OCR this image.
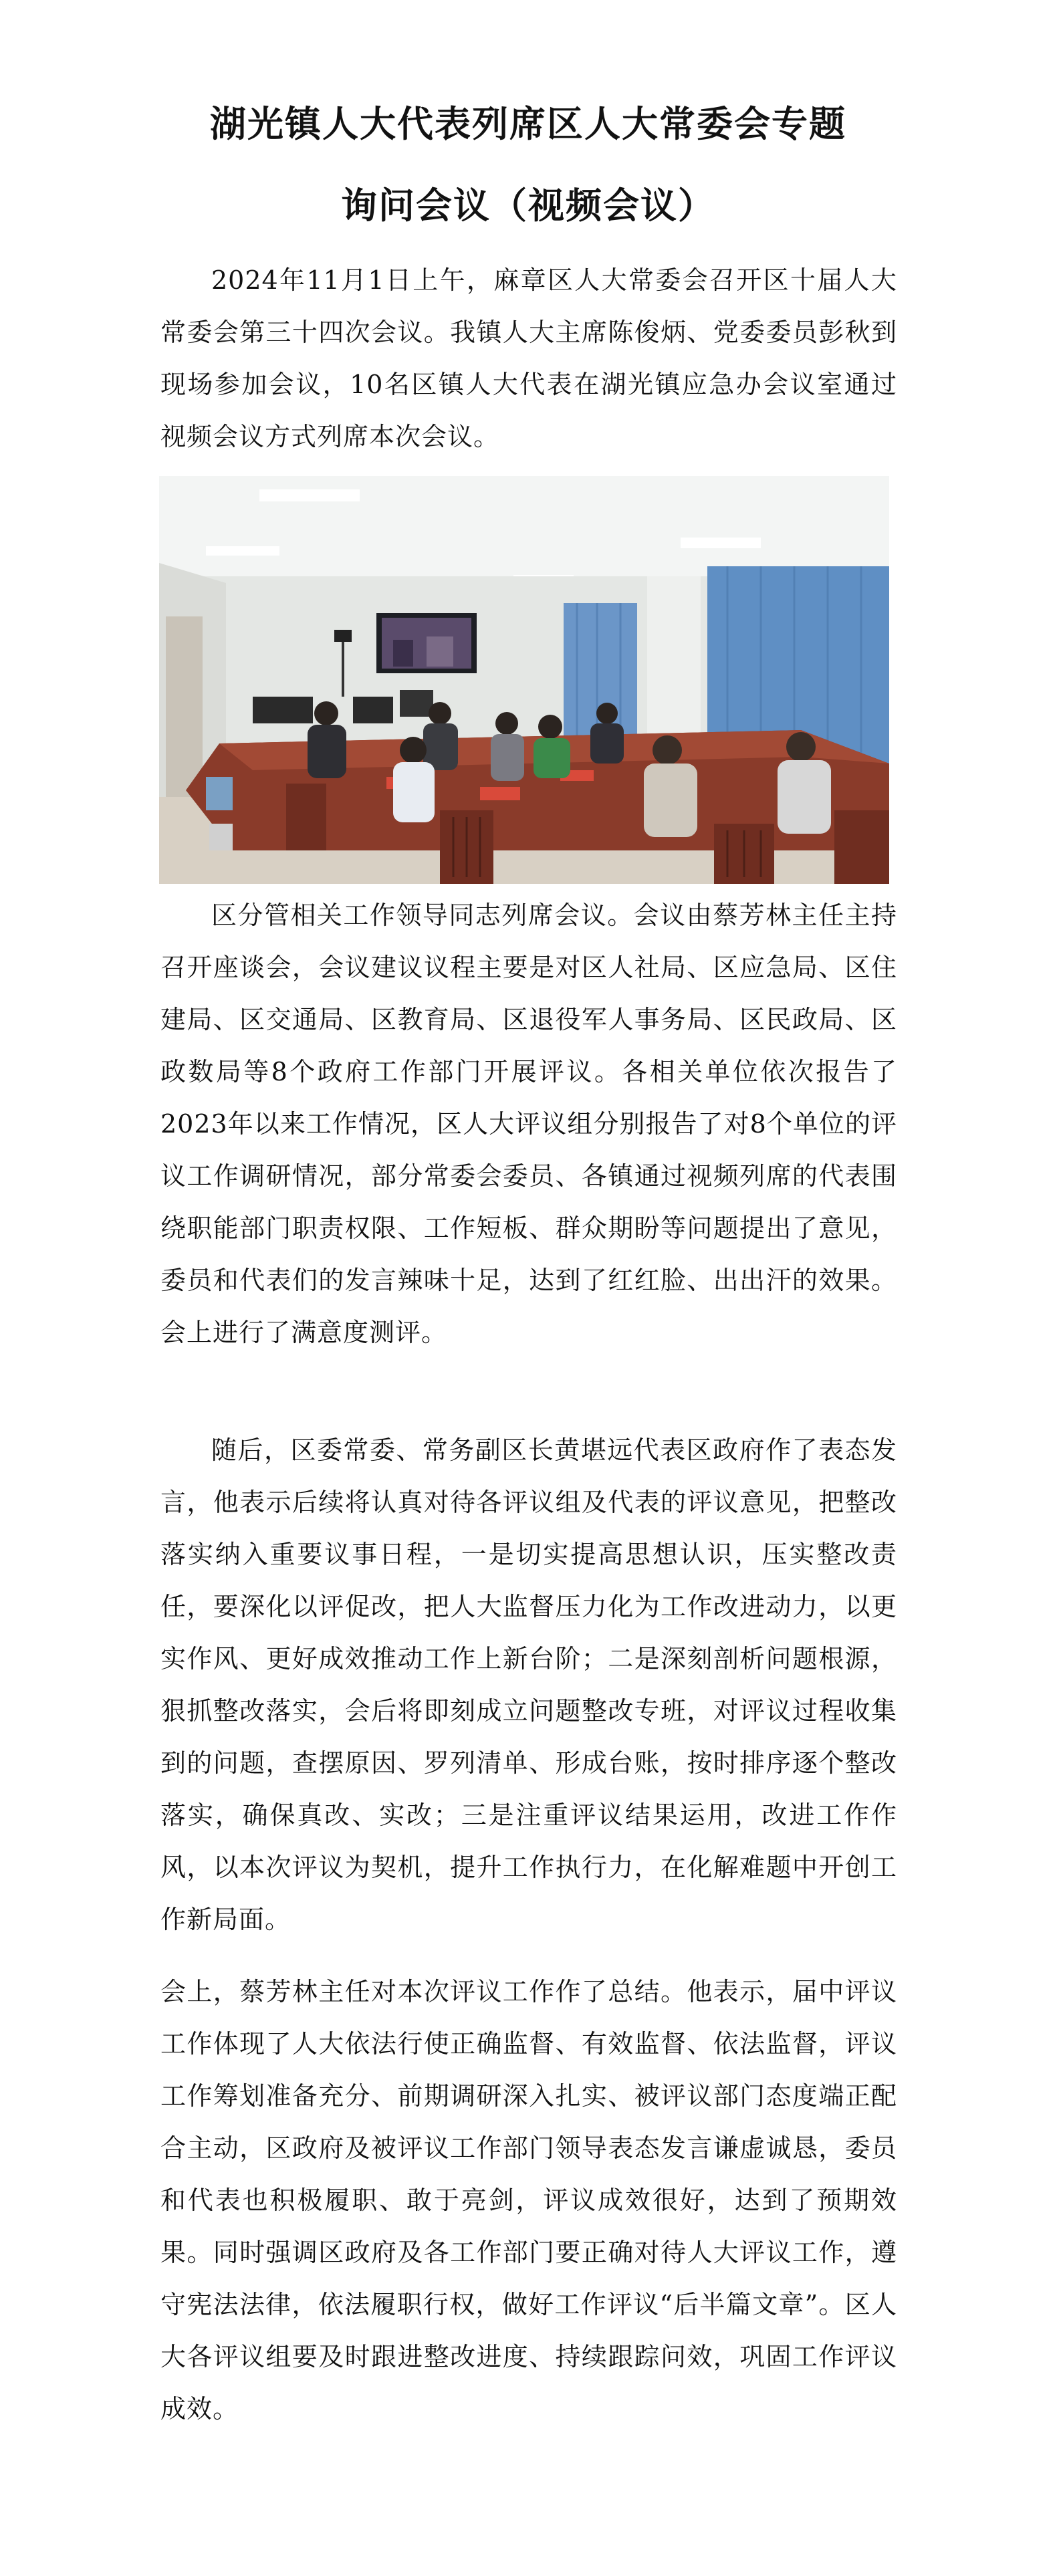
湖光镇人大代表列席区人大常委会专题
询问会议（视频会议）

2024年11月1日上午，麻章区人大常委会召开区十届人大常委会第三十四次会议。我镇人大主席陈俊炳、党委委员彭秋到现场参加会议，10名区镇人大代表在湖光镇应急办会议室通过视频会议方式列席本次会议。

区分管相关工作领导同志列席会议。会议由蔡芳林主任主持召开座谈会，会议建议议程主要是对区人社局、区应急局、区住建局、区交通局、区教育局、区退役军人事务局、区民政局、区政数局等8个政府工作部门开展评议。各相关单位依次报告了2023年以来工作情况，区人大评议组分别报告了对8个单位的评议工作调研情况，部分常委会委员、各镇通过视频列席的代表围绕职能部门职责权限、工作短板、群众期盼等问题提出了意见，委员和代表们的发言辣味十足，达到了红红脸、出出汗的效果。会上进行了满意度测评。

随后，区委常委、常务副区长黄堪远代表区政府作了表态发言，他表示后续将认真对待各评议组及代表的评议意见，把整改落实纳入重要议事日程，一是切实提高思想认识，压实整改责任，要深化以评促改，把人大监督压力化为工作改进动力，以更实作风、更好成效推动工作上新台阶；二是深刻剖析问题根源，狠抓整改落实，会后将即刻成立问题整改专班，对评议过程收集到的问题，查摆原因、罗列清单、形成台账，按时排序逐个整改落实，确保真改、实改；三是注重评议结果运用，改进工作作风，以本次评议为契机，提升工作执行力，在化解难题中开创工作新局面。

会上，蔡芳林主任对本次评议工作作了总结。他表示，届中评议工作体现了人大依法行使正确监督、有效监督、依法监督，评议工作筹划准备充分、前期调研深入扎实、被评议部门态度端正配合主动，区政府及被评议工作部门领导表态发言谦虚诚恳，委员和代表也积极履职、敢于亮剑，评议成效很好，达到了预期效果。同时强调区政府及各工作部门要正确对待人大评议工作，遵守宪法法律，依法履职行权，做好工作评议“后半篇文章”。区人大各评议组要及时跟进整改进度、持续跟踪问效，巩固工作评议成效。
